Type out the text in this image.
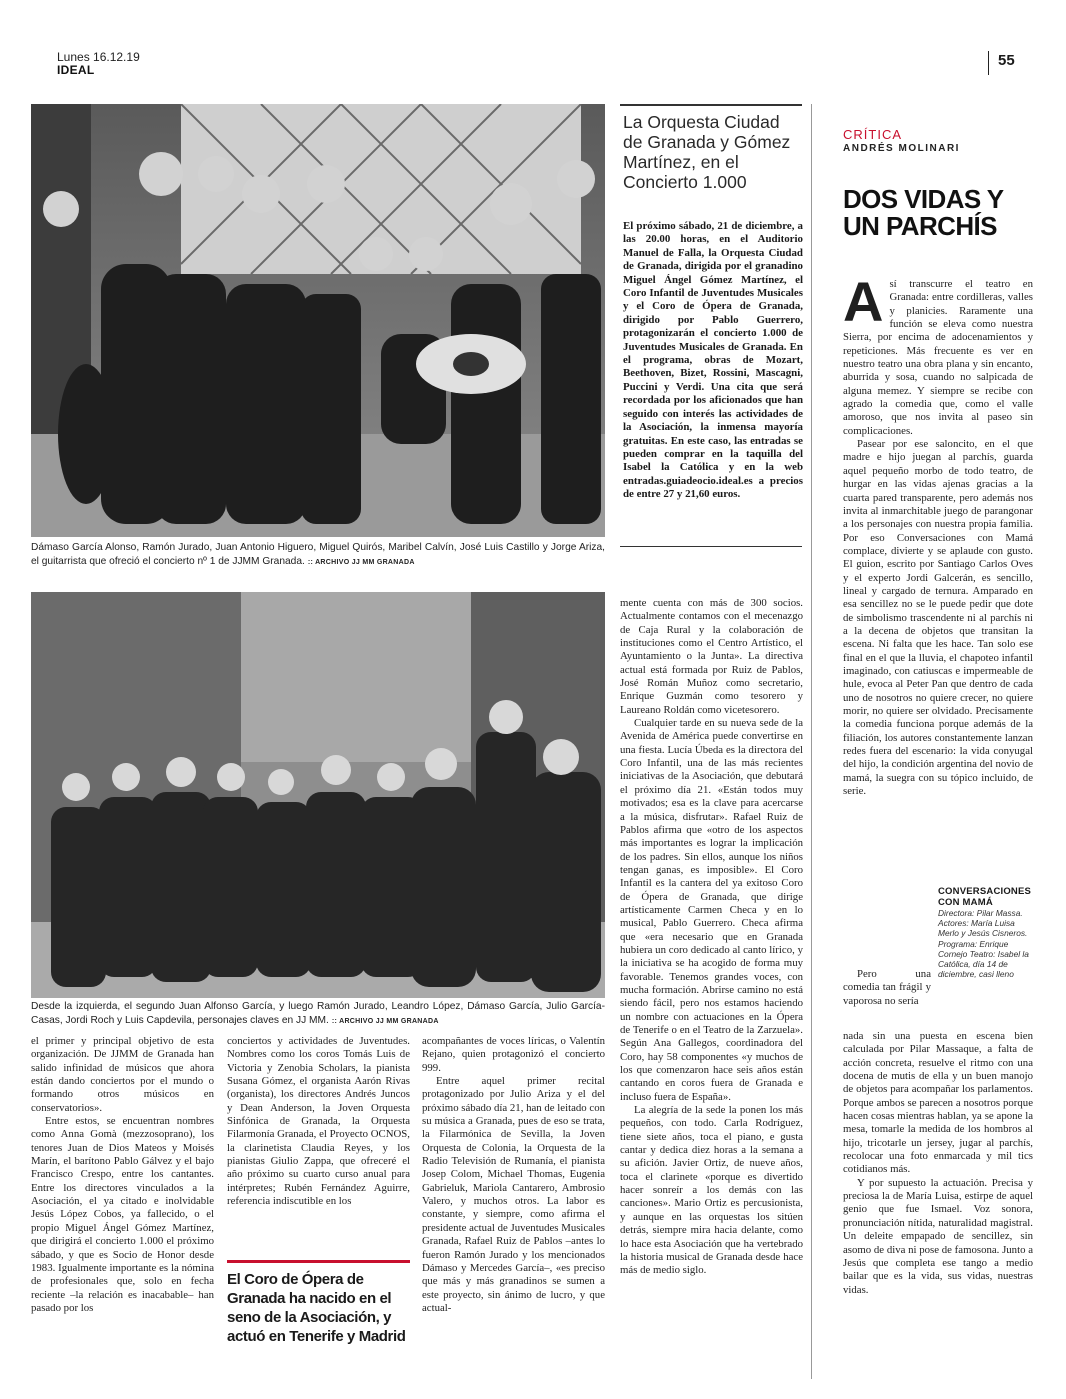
Lunes 16.12.19
IDEAL
55
Dámaso García Alonso, Ramón Jurado, Juan Antonio Higuero, Miguel Quirós, Maribel Calvín, José Luis Castillo y Jorge Ariza, el guitarrista que ofreció el concierto nº 1 de JJMM Granada. :: ARCHIVO JJ MM GRANADA
Desde la izquierda, el segundo Juan Alfonso García, y luego Ramón Jurado, Leandro López, Dámaso García, Julio García-Casas, Jordi Roch y Luis Capdevila, personajes claves en JJ MM. :: ARCHIVO JJ MM GRANADA
La Orquesta Ciudad de Granada y Gómez Martínez, en el Concierto 1.000
El próximo sábado, 21 de diciembre, a las 20.00 horas, en el Auditorio Manuel de Falla, la Orquesta Ciudad de Granada, dirigida por el granadino Miguel Ángel Gómez Martínez, el Coro Infantil de Juventudes Musicales y el Coro de Ópera de Granada, dirigido por Pablo Guerrero, protagonizarán el concierto 1.000 de Juventudes Musicales de Granada. En el programa, obras de Mozart, Beethoven, Bizet, Rossini, Mascagni, Puccini y Verdi. Una cita que será recordada por los aficionados que han seguido con interés las actividades de la Asociación, la inmensa mayoría gratuitas. En este caso, las entradas se pueden comprar en la taquilla del Isabel la Católica y en la web entradas.guiadeocio.ideal.es a precios de entre 27 y 21,60 euros.

el primer y principal objetivo de esta organización. De JJMM de Granada han salido infinidad de músicos que ahora están dando conciertos por el mundo o formando otros músicos en conservatorios».

Entre estos, se encuentran nombres como Anna Gomà (mezzosoprano), los tenores Juan de Dios Mateos y Moisés Marín, el barítono Pablo Gálvez y el bajo Francisco Crespo, entre los cantantes. Entre los directores vinculados a la Asociación, el ya citado e inolvidable Jesús López Cobos, ya fallecido, o el propio Miguel Ángel Gómez Martínez, que dirigirá el concierto 1.000 el próximo sábado, y que es Socio de Honor desde 1983. Igualmente importante es la nómina de profesionales que, solo en fecha reciente –la relación es inacabable– han pasado por los

conciertos y actividades de Juventudes. Nombres como los coros Tomás Luis de Victoria y Zenobia Scholars, la pianista Susana Gómez, el organista Aarón Rivas (organista), los directores Andrés Juncos y Dean Anderson, la Joven Orquesta Sinfónica de Granada, la Orquesta Filarmonía Granada, el Proyecto OCNOS, la clarinetista Claudia Reyes, y los pianistas Giulio Zappa, que ofreceré el año próximo su cuarto curso anual para intérpretes; Rubén Fernández Aguirre, referencia indiscutible en los

El Coro de Ópera de Granada ha nacido en el seno de la Asociación, y actuó en Tenerife y Madrid

acompañantes de voces líricas, o Valentín Rejano, quien protagonizó el concierto 999.

Entre aquel primer recital protagonizado por Julio Ariza y el del próximo sábado día 21, han de leitado con su música a Granada, pues de eso se trata, la Filarmónica de Sevilla, la Joven Orquesta de Colonia, la Orquesta de la Radio Televisión de Rumanía, el pianista Josep Colom, Michael Thomas, Eugenia Gabrieluk, Mariola Cantarero, Ambrosio Valero, y muchos otros. La labor es constante, y siempre, como afirma el presidente actual de Juventudes Musicales Granada, Rafael Ruiz de Pablos –antes lo fueron Ramón Jurado y los mencionados Dámaso y Mercedes García–, «es preciso que más y más granadinos se sumen a este proyecto, sin ánimo de lucro, y que actual-

mente cuenta con más de 300 socios. Actualmente contamos con el mecenazgo de Caja Rural y la colaboración de instituciones como el Centro Artístico, el Ayuntamiento o la Junta». La directiva actual está formada por Ruiz de Pablos, José Román Muñoz como secretario, Enrique Guzmán como tesorero y Laureano Roldán como vicetesorero.

Cualquier tarde en su nueva sede de la Avenida de América puede convertirse en una fiesta. Lucía Úbeda es la directora del Coro Infantil, una de las más recientes iniciativas de la Asociación, que debutará el próximo día 21. «Están todos muy motivados; esa es la clave para acercarse a la música, disfrutar». Rafael Ruiz de Pablos afirma que «otro de los aspectos más importantes es lograr la implicación de los padres. Sin ellos, aunque los niños tengan ganas, es imposible». El Coro Infantil es la cantera del ya exitoso Coro de Ópera de Granada, que dirige artísticamente Carmen Checa y en lo musical, Pablo Guerrero. Checa afirma que «era necesario que en Granada hubiera un coro dedicado al canto lírico, y la iniciativa se ha acogido de forma muy favorable. Tenemos grandes voces, con mucha formación. Abrirse camino no está siendo fácil, pero nos estamos haciendo un nombre con actuaciones en la Ópera de Tenerife o en el Teatro de la Zarzuela». Según Ana Gallegos, coordinadora del Coro, hay 58 componentes «y muchos de los que comenzaron hace seis años están cantando en coros fuera de Granada e incluso fuera de España».

La alegría de la sede la ponen los más pequeños, con todo. Carla Rodríguez, tiene siete años, toca el piano, e gusta cantar y dedica diez horas a la semana a su afición. Javier Ortiz, de nueve años, toca el clarinete «porque es divertido hacer sonreír a los demás con las canciones». Mario Ortiz es percusionista, y aunque en las orquestas los sitúen detrás, siempre mira hacia delante, como lo hace esta Asociación que ha vertebrado la historia musical de Granada desde hace más de medio siglo.

CRÍTICA
ANDRÉS MOLINARI
DOS VIDAS Y
UN PARCHÍS

Así transcurre el teatro en Granada: entre cordilleras, valles y planicies. Raramente una función se eleva como nuestra Sierra, por encima de adocenamientos y repeticiones. Más frecuente es ver en nuestro teatro una obra plana y sin encanto, aburrida y sosa, cuando no salpicada de alguna memez. Y siempre se recibe con agrado la comedia que, como el valle amoroso, que nos invita al paseo sin complicaciones.

Pasear por ese saloncito, en el que madre e hijo juegan al parchís, guarda aquel pequeño morbo de todo teatro, de hurgar en las vidas ajenas gracias a la cuarta pared transparente, pero además nos invita al inmarchitable juego de parangonar a los personajes con nuestra propia familia. Por eso Conversaciones con Mamá complace, divierte y se aplaude con gusto. El guion, escrito por Santiago Carlos Oves y el experto Jordi Galcerán, es sencillo, lineal y cargado de ternura. Amparado en esa sencillez no se le puede pedir que dote de simbolismo trascendente ni al parchís ni a la decena de objetos que transitan la escena. Ni falta que les hace. Tan solo ese final en el que la lluvia, el chapoteo infantil imaginado, con catiuscas e impermeable de hule, evoca al Peter Pan que dentro de cada uno de nosotros no quiere crecer, no quiere morir, no quiere ser olvidado. Precisamente la comedia funciona porque además de la filiación, los autores constantemente lanzan redes fuera del escenario: la vida conyugal del hijo, la condición argentina del novio de mamá, la suegra con su tópico incluido, de serie.

CONVERSACIONES CON MAMÁ
Directora: Pilar Massa. Actores: María Luisa Merlo y Jesús Cisneros. Programa: Enrique Cornejo Teatro: Isabel la Católica, día 14 de diciembre, casi lleno

Pero una comedia tan frágil y vaporosa no sería

nada sin una puesta en escena bien calculada por Pilar Massaque, a falta de acción concreta, resuelve el ritmo con una docena de mutis de ella y un buen manojo de objetos para acompañar los parlamentos. Porque ambos se parecen a nosotros porque hacen cosas mientras hablan, ya se apone la mesa, tomarle la medida de los hombros al hijo, tricotarle un jersey, jugar al parchís, recolocar una foto enmarcada y mil tics cotidianos más.

Y por supuesto la actuación. Precisa y preciosa la de María Luisa, estirpe de aquel genio que fue Ismael. Voz sonora, pronunciación nítida, naturalidad magistral. Un deleite empapado de sencillez, sin asomo de diva ni pose de famosona. Junto a Jesús que completa ese tango a medio bailar que es la vida, sus vidas, nuestras vidas.
